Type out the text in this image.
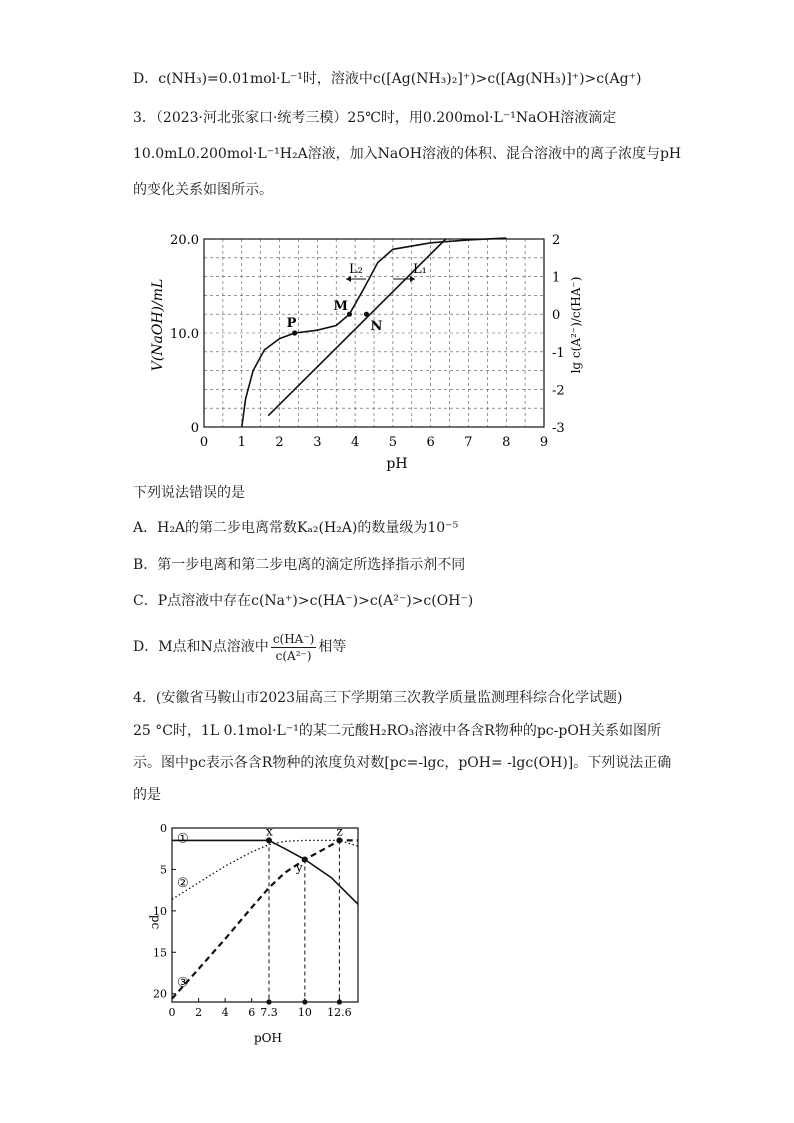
D．c(NH₃)=0.01mol·L⁻¹时，溶液中c([Ag(NH₃)₂]⁺)>c([Ag(NH₃)]⁺)>c(Ag⁺)
3．（2023·河北张家口·统考三模）25℃时，用0.200mol·L⁻¹NaOH溶液滴定
10.0mL0.200mol·L⁻¹H₂A溶液，加入NaOH溶液的体积、混合溶液中的离子浓度与pH
的变化关系如图所示。
0 1 2 3 4 5 6 7 8 9
0
10.0
20.0
-3
-2
-1
0
1
2
P
M
N
pH
V(NaOH)/mL	lg c(A²⁻)/c(HA⁻)
L₂	L₁
下列说法错误的是
A．H₂A的第二步电离常数Kₐ₂(H₂A)的数量级为10⁻⁵
B．第一步电离和第二步电离的滴定所选择指示剂不同
C．P点溶液中存在c(Na⁺)>c(HA⁻)>c(A²⁻)>c(OH⁻)
D．M点和N点溶液中 $\frac{c(HA^-)}{\text{c(A²⁻)}}$ 相等
4．(安徽省马鞍山市2023届高三下学期第三次教学质量监测理科综合化学试题)
25 °C时，1L 0.1mol·L⁻¹的某二元酸H₂RO₃溶液中各含R物种的pc-pOH关系如图所
示。图中pc表示各含R物种的浓度负对数[pc=-lgc，pOH= -lgc(OH)]。下列说法正确
的是
0 2 4 6 7.3 10 12.6
0
5
10
15
20
①
②
③
x
y
z
pOH
pc
